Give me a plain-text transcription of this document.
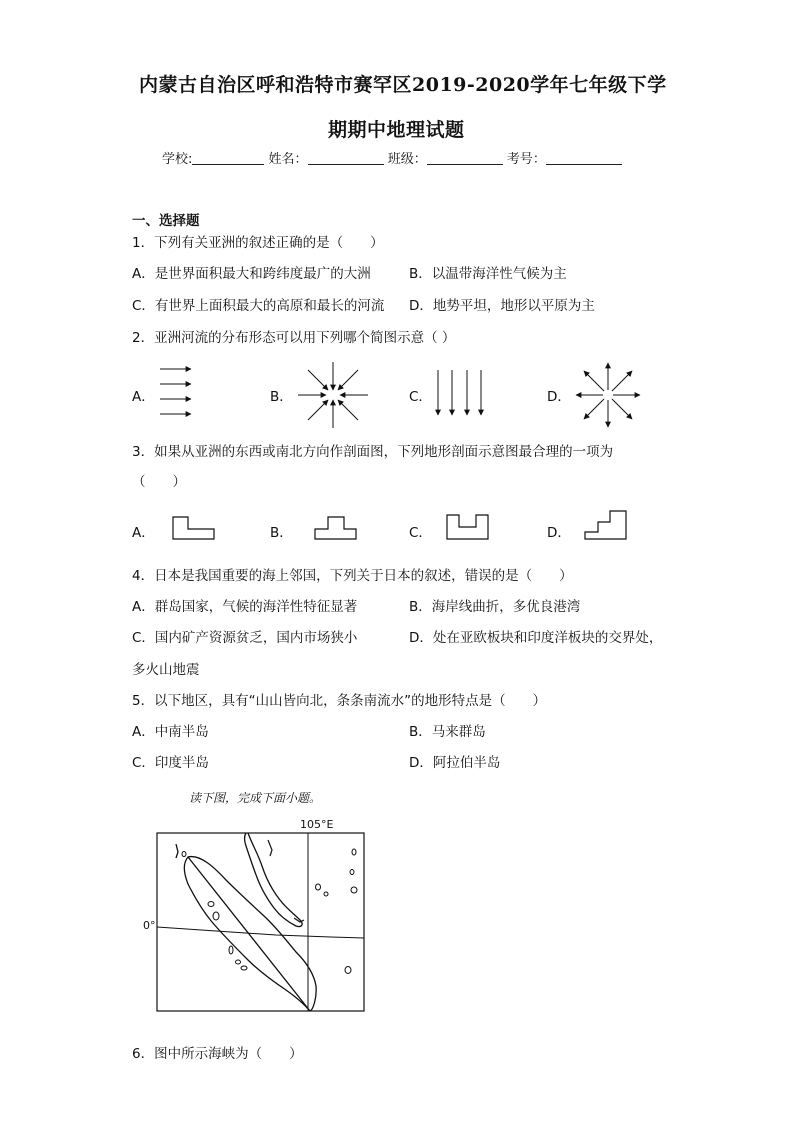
内蒙古自治区呼和浩特市赛罕区2019-2020学年七年级下学
期期中地理试题
学校:	姓名：	班级：	考号：
一、选择题
1．下列有关亚洲的叙述正确的是（　　）
A．是世界面积最大和跨纬度最广的大洲	B．以温带海洋性气候为主
C．有世界上面积最大的高原和最长的河流 D．地势平坦，地形以平原为主
2．亚洲河流的分布形态可以用下列哪个简图示意（ ）
A．	B．	C．	D．
3．如果从亚洲的东西或南北方向作剖面图，下列地形剖面示意图最合理的一项为
（　　）
A．	B．	C．	D．
4．日本是我国重要的海上邻国，下列关于日本的叙述，错误的是（　　）
A．群岛国家，气候的海洋性特征显著	B．海岸线曲折，多优良港湾
C．国内矿产资源贫乏，国内市场狭小	D．处在亚欧板块和印度洋板块的交界处，
多火山地震
5．以下地区，具有“山山皆向北，条条南流水”的地形特点是（　　）
A．中南半岛	B．马来群岛
C．印度半岛	D．阿拉伯半岛
读下图，完成下面小题。
105°E
0°
6．图中所示海峡为（　　）
